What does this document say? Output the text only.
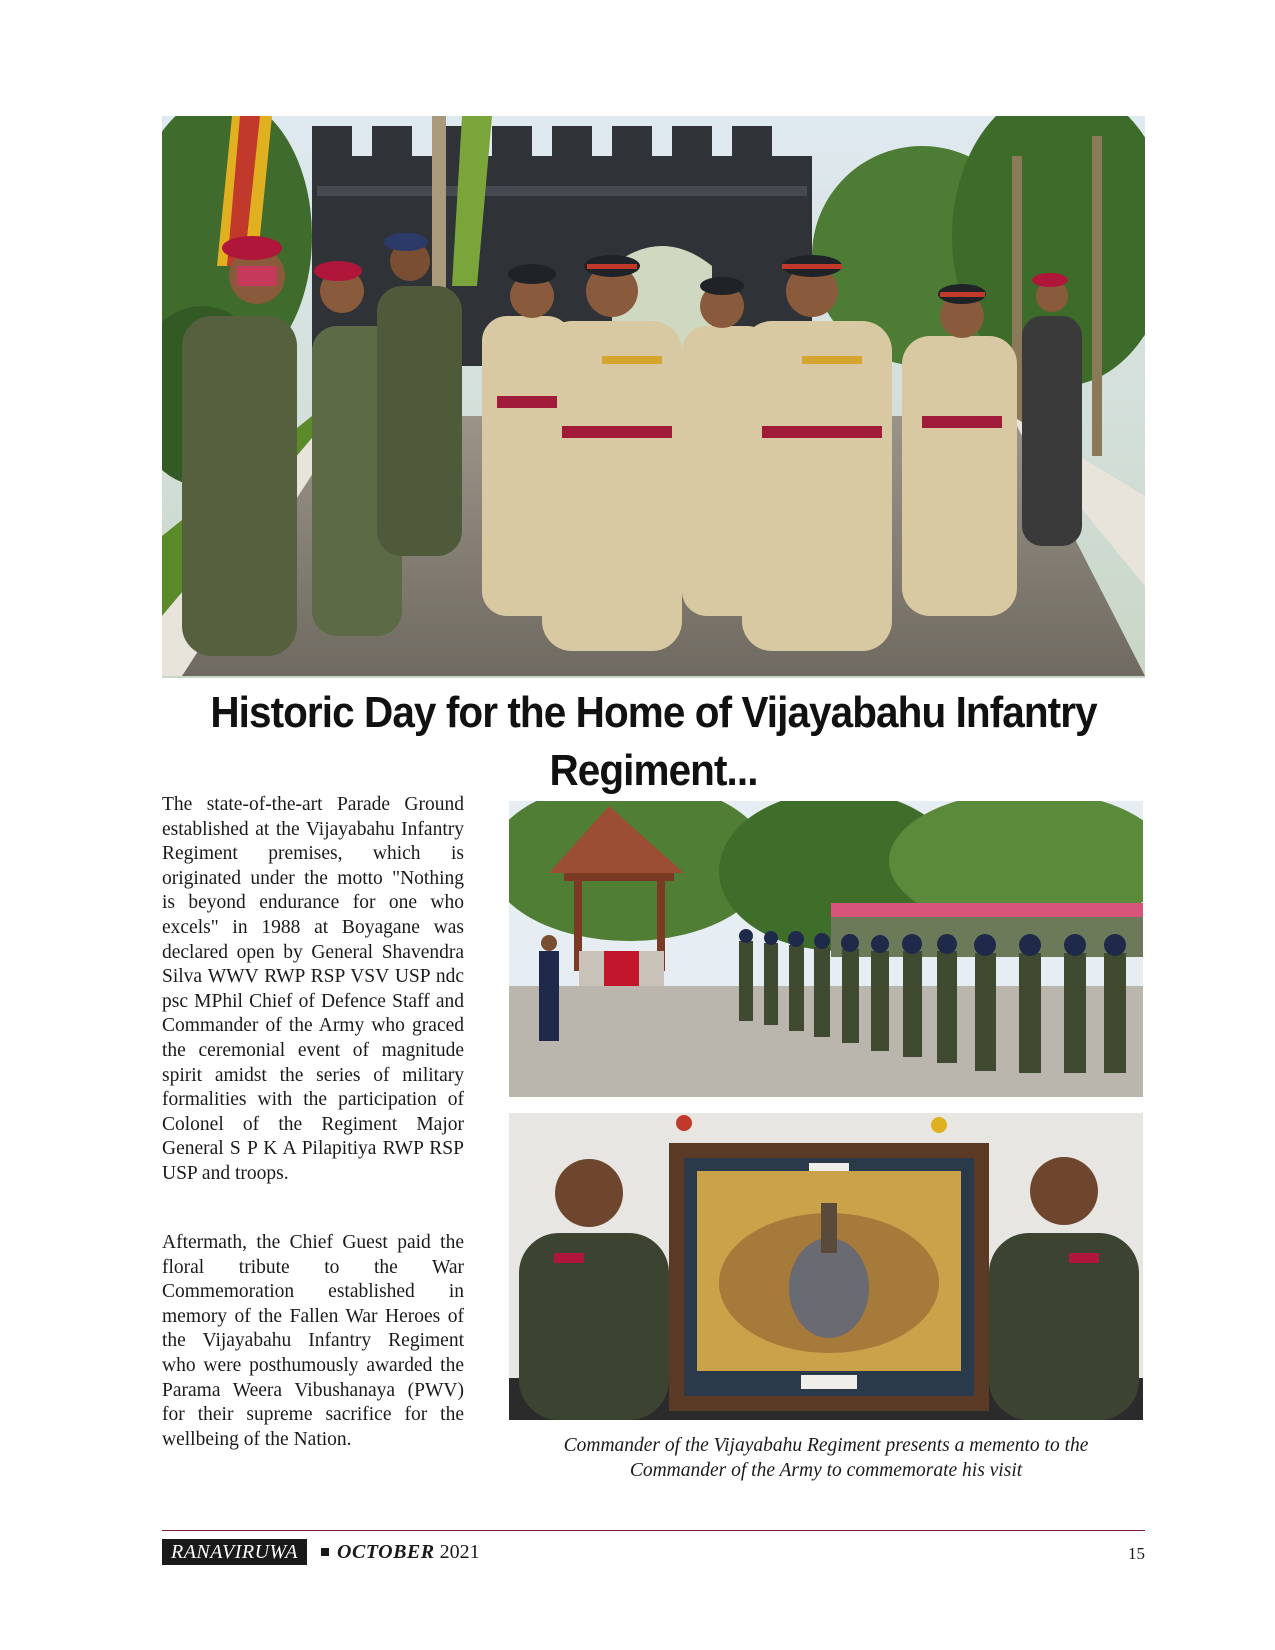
Historic Day for the Home of Vijayabahu Infantry
Regiment...

The state-of-the-art Parade Ground established at the Vijayabahu Infantry Regiment premises, which is originated under the motto "Nothing is beyond endurance for one who excels" in 1988 at Boyagane was declared open by General Shavendra Silva WWV RWP RSP VSV USP ndc psc MPhil Chief of Defence Staff and Commander of the Army who graced the ceremonial event of magnitude spirit amidst the series of military formalities with the participation of Colonel of the Regiment Major General S P K A Pilapitiya RWP RSP USP and troops.

Aftermath, the Chief Guest paid the floral tribute to the War Commemoration established in memory of the Fallen War Heroes of the Vijayabahu Infantry Regiment who were posthumously awarded the Parama Weera Vibushanaya (PWV) for their supreme sacrifice for the wellbeing of the Nation.	Commander of the Vijayabahu Regiment presents a memento to the
Commander of the Army to commemorate his visit
RANAVIRUWA	OCTOBER 2021	15
